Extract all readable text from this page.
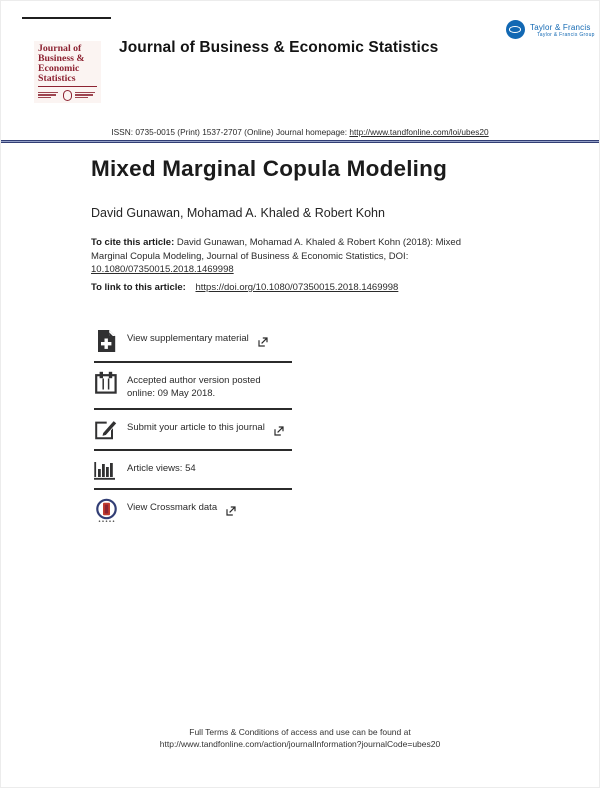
Taylor & Francis
Taylor & Francis Group
Journal of
Business &
Economic
Statistics
Journal of Business & Economic Statistics
ISSN: 0735-0015 (Print) 1537-2707 (Online) Journal homepage: http://www.tandfonline.com/loi/ubes20
Mixed Marginal Copula Modeling
David Gunawan, Mohamad A. Khaled & Robert Kohn

To cite this article: David Gunawan, Mohamad A. Khaled & Robert Kohn (2018): Mixed Marginal Copula Modeling, Journal of Business & Economic Statistics, DOI:
10.1080/07350015.2018.1469998

To link to this article: https://doi.org/10.1080/07350015.2018.1469998

View supplementary material
Accepted author version posted online: 09 May 2018.
Submit your article to this journal
Article views: 54
View Crossmark data
Full Terms & Conditions of access and use can be found at
http://www.tandfonline.com/action/journalInformation?journalCode=ubes20
